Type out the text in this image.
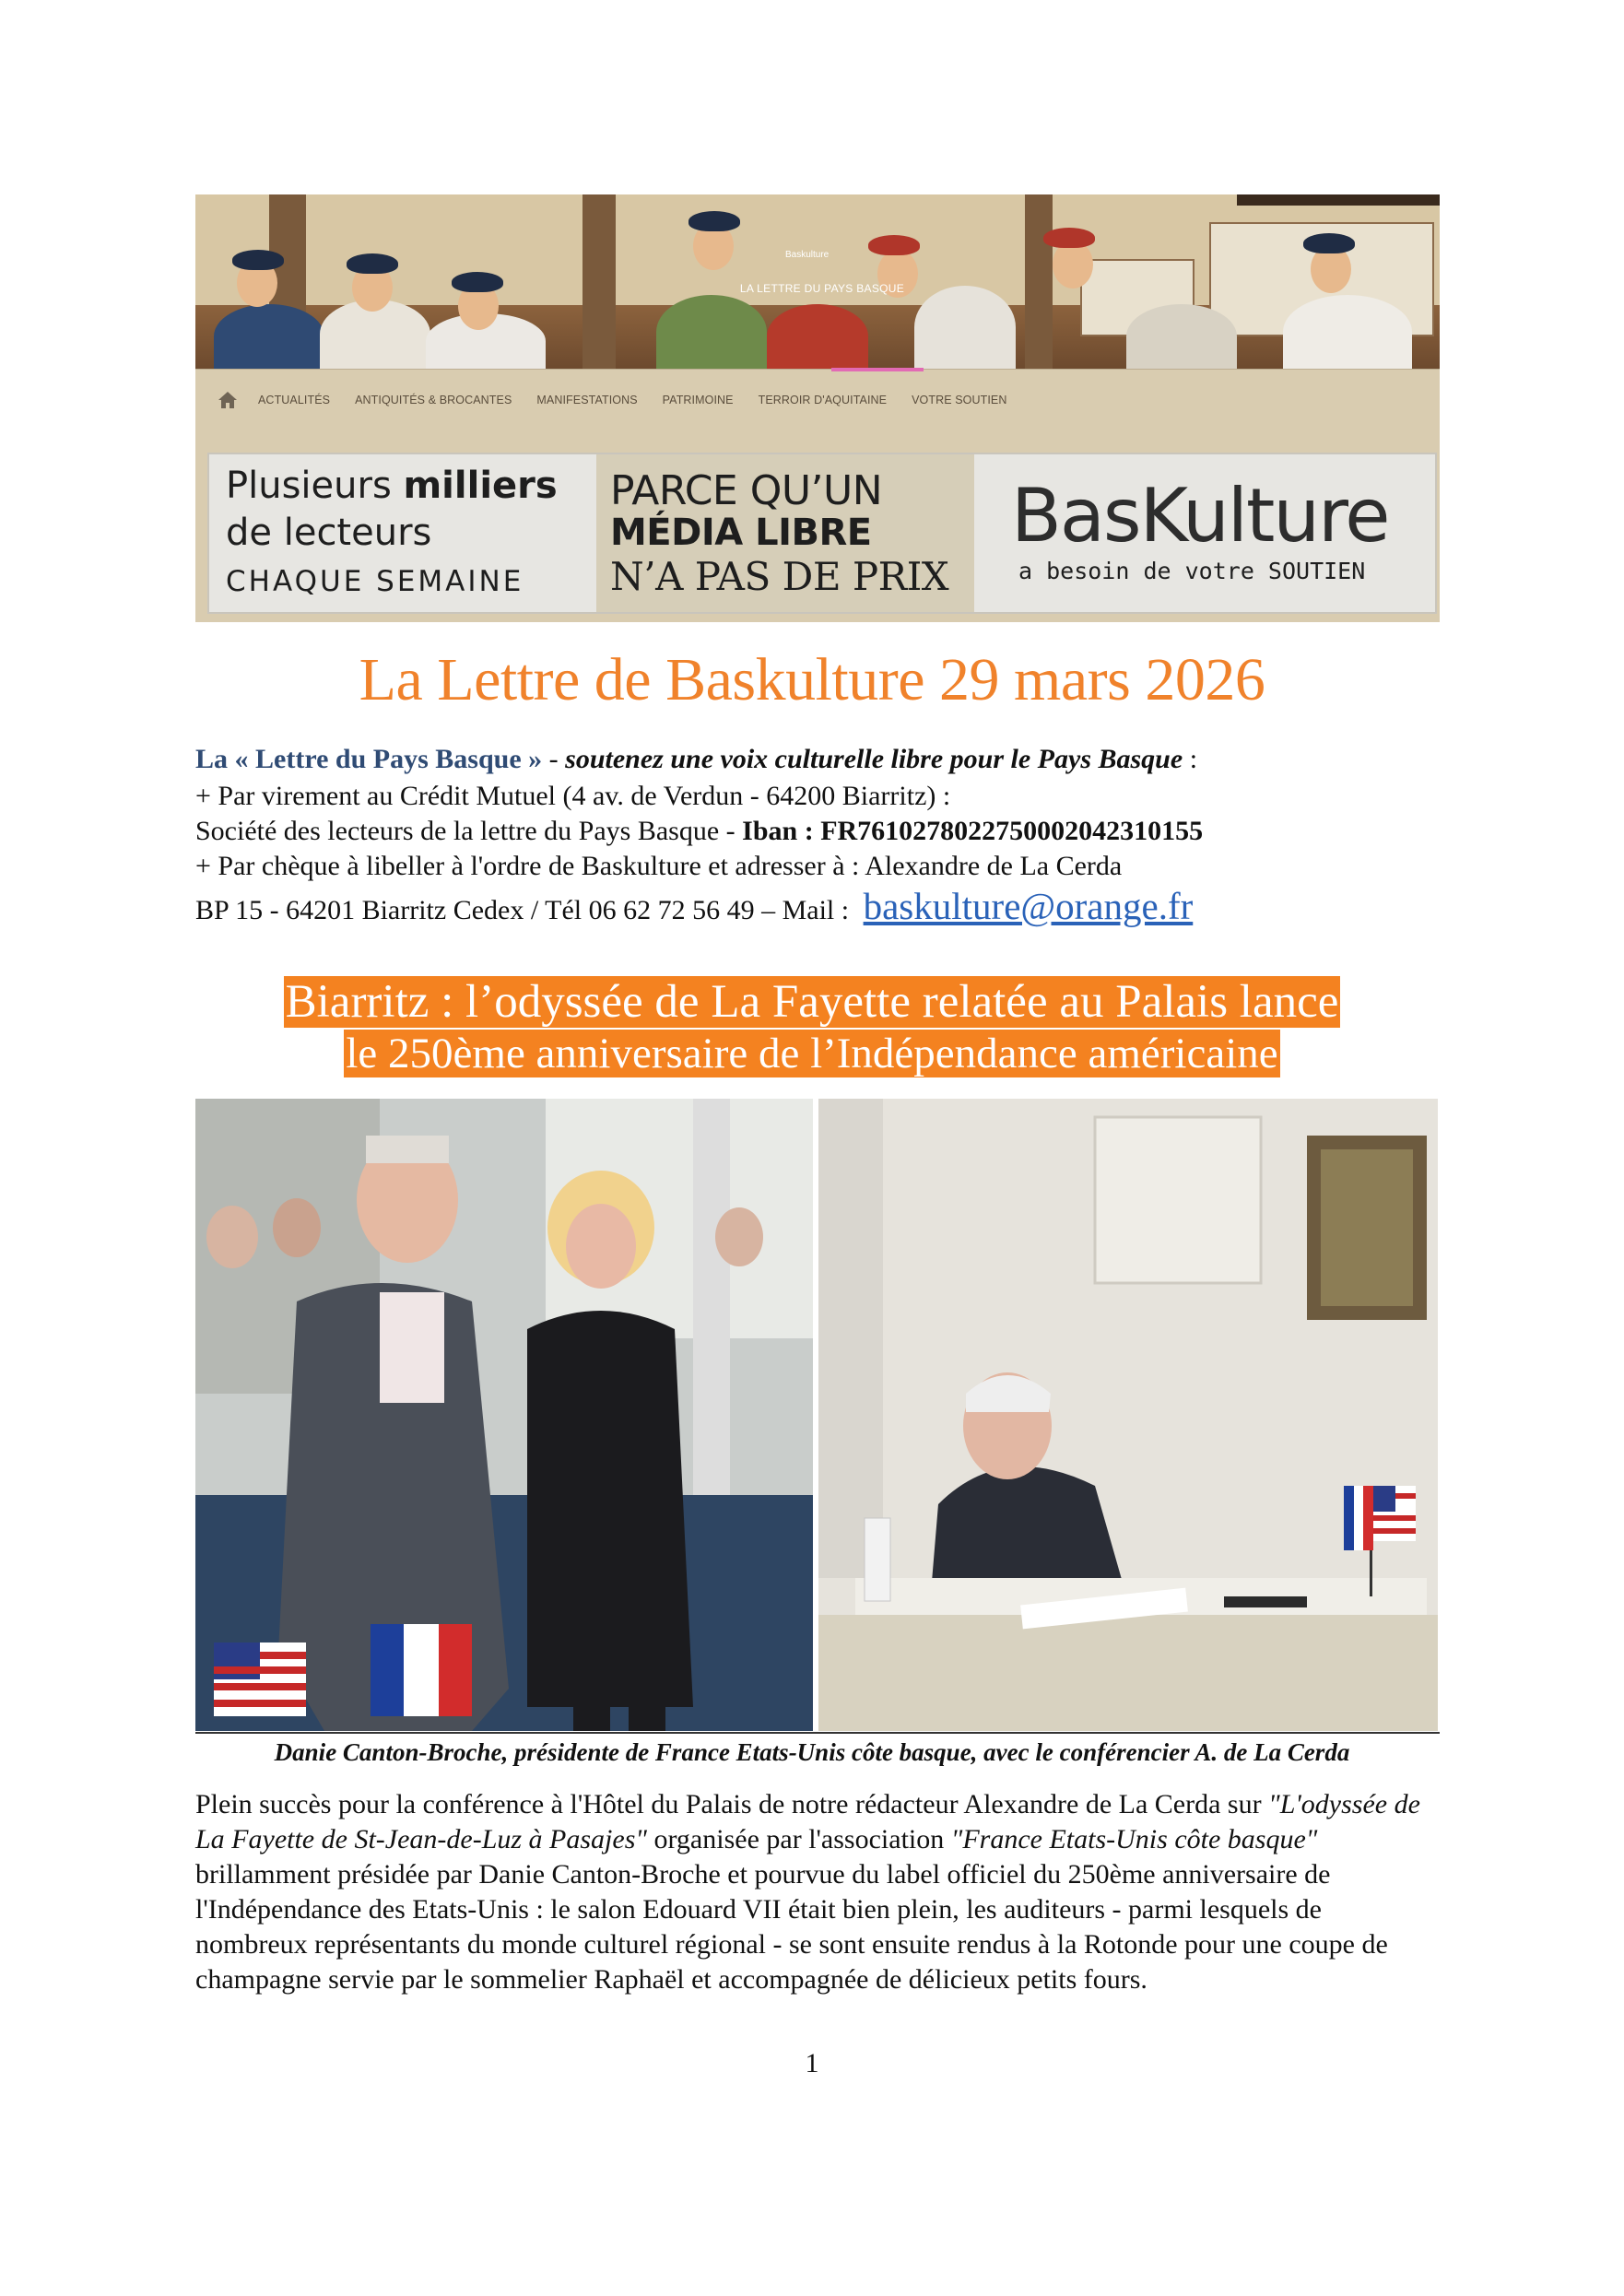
Baskulture
LA LETTRE DU PAYS BASQUE
ACTUALITÉS ANTIQUITÉS & BROCANTES MANIFESTATIONS PATRIMOINE TERROIR D'AQUITAINE VOTRE SOUTIEN
Plusieurs milliers
de lecteurs
CHAQUE SEMAINE
PARCE QU’UN
MÉDIA LIBRE
N’A PAS DE PRIX
BasKulture
a besoin de votre SOUTIEN
La Lettre de Baskulture 29 mars 2026
La « Lettre du Pays Basque » - soutenez une voix culturelle libre pour le Pays Basque :
+ Par virement au Crédit Mutuel (4 av. de Verdun - 64200 Biarritz) :
Société des lecteurs de la lettre du Pays Basque - Iban : FR7610278022750002042310155
+ Par chèque à libeller à l'ordre de Baskulture et adresser à : Alexandre de La Cerda
BP 15 - 64201 Biarritz Cedex / Tél 06 62 72 56 49 – Mail : baskulture@orange.fr
Biarritz : l’odyssée de La Fayette relatée au Palais lance
le 250ème anniversaire de l’Indépendance américaine
Danie Canton-Broche, présidente de France Etats-Unis côte basque, avec le conférencier A. de La Cerda
Plein succès pour la conférence à l'Hôtel du Palais de notre rédacteur Alexandre de La Cerda sur "L'odyssée de La Fayette de St-Jean-de-Luz à Pasajes" organisée par l'association "France Etats-Unis côte basque" brillamment présidée par Danie Canton-Broche et pourvue du label officiel du 250ème anniversaire de l'Indépendance des Etats-Unis : le salon Edouard VII était bien plein, les auditeurs - parmi lesquels de nombreux représentants du monde culturel régional - se sont ensuite rendus à la Rotonde pour une coupe de champagne servie par le sommelier Raphaël et accompagnée de délicieux petits fours.
1
